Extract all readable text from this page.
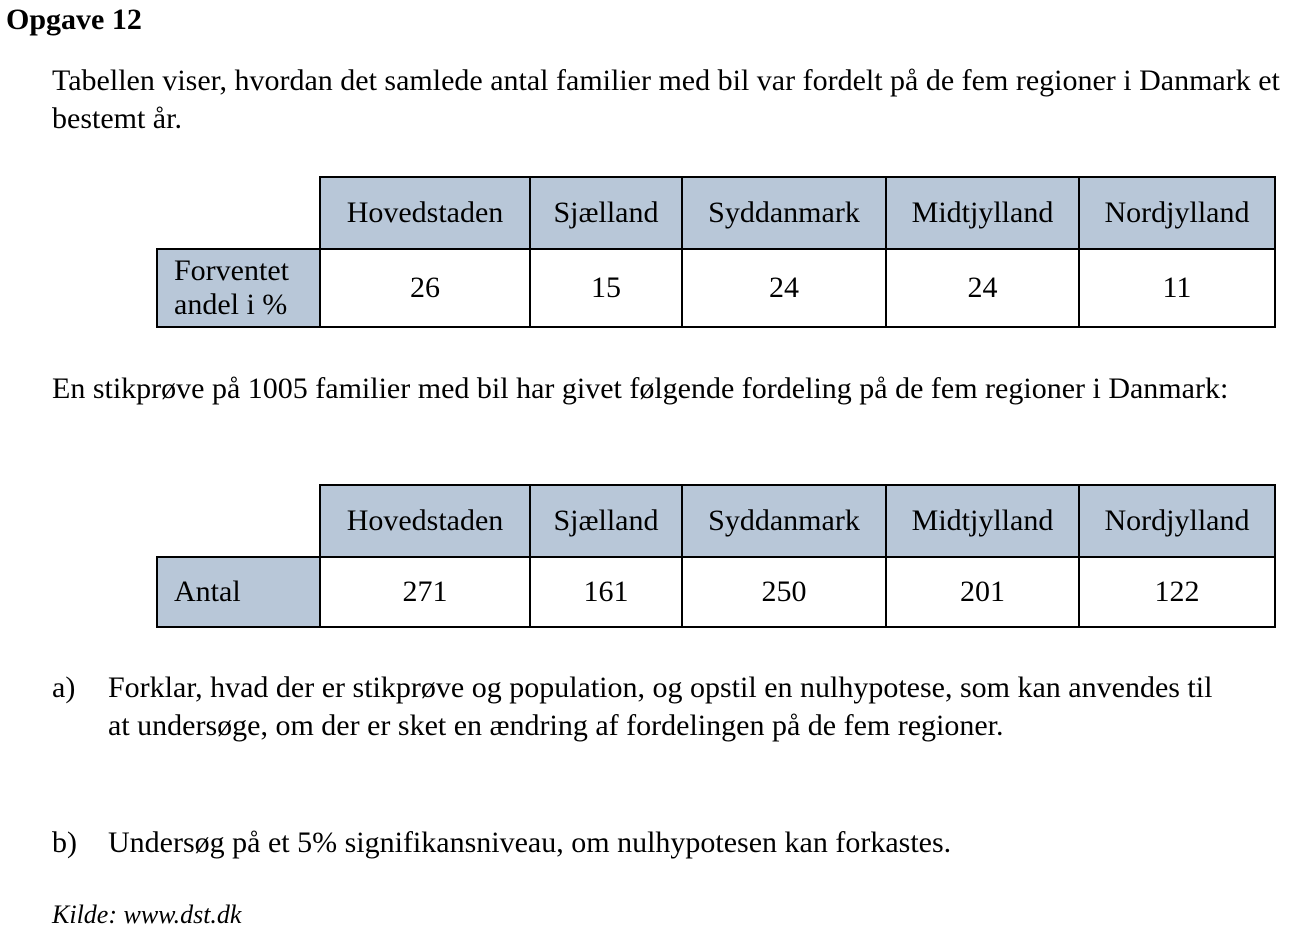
Opgave 12
Tabellen viser, hvordan det samlede antal familier med bil var fordelt på de fem regioner i Danmark et bestemt år.
	Hovedstaden	Sjælland	Syddanmark	Midtjylland	Nordjylland
Forventet
andel i %	26	15	24	24	11
En stikprøve på 1005 familier med bil har givet følgende fordeling på de fem regioner i Danmark:
	Hovedstaden	Sjælland	Syddanmark	Midtjylland	Nordjylland
Antal	271	161	250	201	122
a)	Forklar, hvad der er stikprøve og population, og opstil en nulhypotese, som kan anvendes til at undersøge, om der er sket en ændring af fordelingen på de fem regioner.
b)	Undersøg på et 5% signifikansniveau, om nulhypotesen kan forkastes.
Kilde: www.dst.dk
